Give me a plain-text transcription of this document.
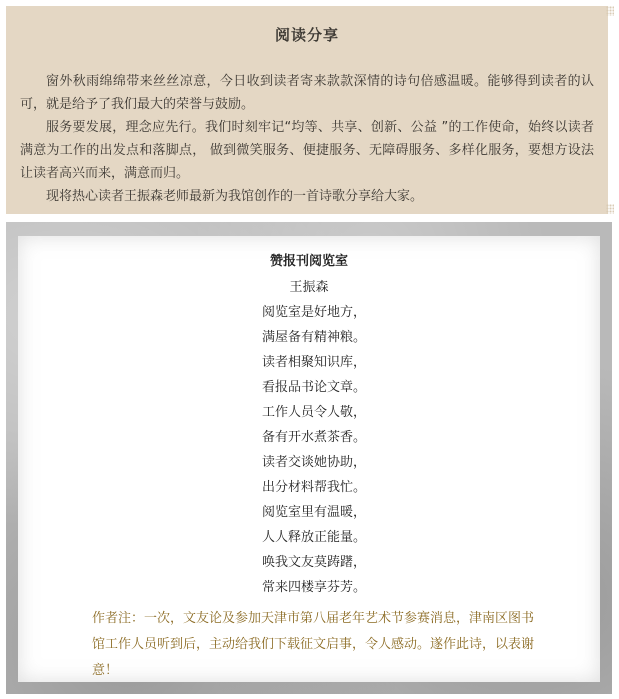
阅读分享

窗外秋雨绵绵带来丝丝凉意，今日收到读者寄来款款深情的诗句倍感温暖。能够得到读者的认可，就是给予了我们最大的荣誉与鼓励。

服务要发展，理念应先行。我们时刻牢记“均等、共享、创新、公益 ”的工作使命，始终以读者满意为工作的出发点和落脚点， 做到微笑服务、便捷服务、无障碍服务、多样化服务，要想方设法让读者高兴而来，满意而归。

现将热心读者王振森老师最新为我馆创作的一首诗歌分享给大家。

赞报刊阅览室
王振森
阅览室是好地方，
满屋备有精神粮。
读者相聚知识库，
看报品书论文章。
工作人员令人敬，
备有开水煮茶香。
读者交谈她协助，
出分材料帮我忙。
阅览室里有温暖，
人人释放正能量。
唤我文友莫踌躇，
常来四楼享芬芳。
作者注：一次，文友论及参加天津市第八届老年艺术节参赛消息，津南区图书馆工作人员听到后，主动给我们下载征文启事，令人感动。遂作此诗，以表谢意！
